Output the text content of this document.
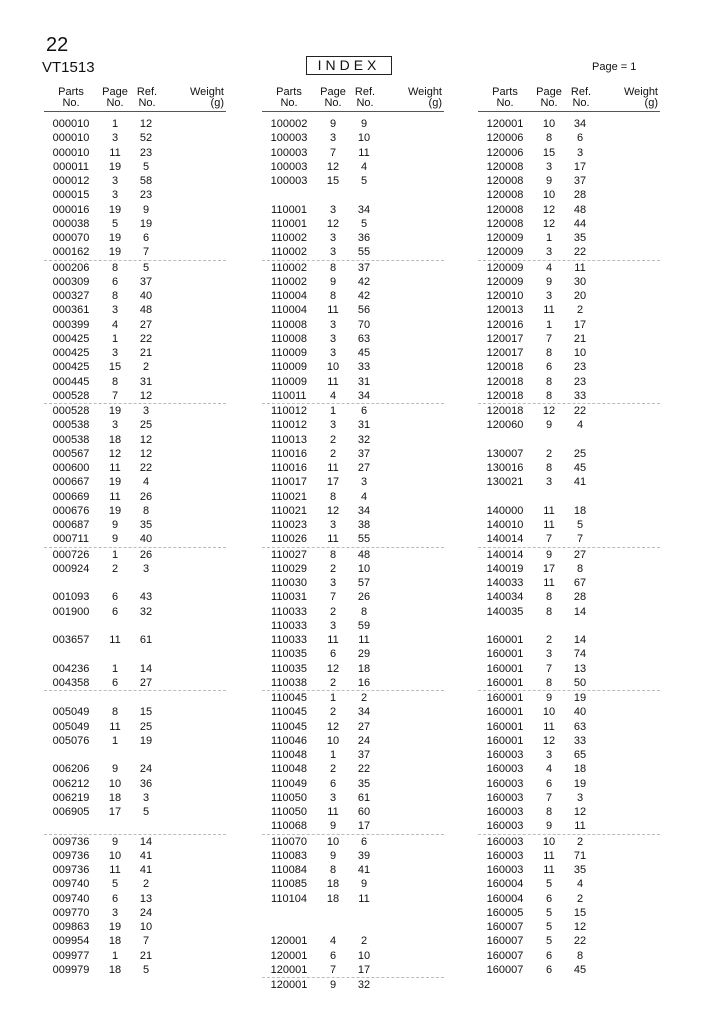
22
VT1513	INDEX	Page = 1
Parts
No.
Page
No.
Ref.
No.
Weight
(g)
000010	1	12
000010	3	52
000010	11	23
000011	19	5
000012	3	58
000015	3	23
000016	19	9
000038	5	19
000070	19	6
000162	19	7
000206	8	5
000309	6	37
000327	8	40
000361	3	48
000399	4	27
000425	1	22
000425	3	21
000425	15	2
000445	8	31
000528	7	12
000528	19	3
000538	3	25
000538	18	12
000567	12	12
000600	11	22
000667	19	4
000669	11	26
000676	19	8
000687	9	35
000711	9	40
000726	1	26
000924	2	3
001093	6	43
001900	6	32
003657	11	61
004236	1	14
004358	6	27
005049	8	15
005049	11	25
005076	1	19
006206	9	24
006212	10	36
006219	18	3
006905	17	5
009736	9	14
009736	10	41
009736	11	41
009740	5	2
009740	6	13
009770	3	24
009863	19	10
009954	18	7
009977	1	21
009979	18	5
Parts
No.
Page
No.
Ref.
No.
Weight
(g)
100002	9	9
100003	3	10
100003	7	11
100003	12	4
100003	15	5
110001	3	34
110001	12	5
110002	3	36
110002	3	55
110002	8	37
110002	9	42
110004	8	42
110004	11	56
110008	3	70
110008	3	63
110009	3	45
110009	10	33
110009	11	31
110011	4	34
110012	1	6
110012	3	31
110013	2	32
110016	2	37
110016	11	27
110017	17	3
110021	8	4
110021	12	34
110023	3	38
110026	11	55
110027	8	48
110029	2	10
110030	3	57
110031	7	26
110033	2	8
110033	3	59
110033	11	11
110035	6	29
110035	12	18
110038	2	16
110045	1	2
110045	2	34
110045	12	27
110046	10	24
110048	1	37
110048	2	22
110049	6	35
110050	3	61
110050	11	60
110068	9	17
110070	10	6
110083	9	39
110084	8	41
110085	18	9
110104	18	11
120001	4	2
120001	6	10
120001	7	17
120001	9	32
Parts
No.
Page
No.
Ref.
No.
Weight
(g)
120001	10	34
120006	8	6
120006	15	3
120008	3	17
120008	9	37
120008	10	28
120008	12	48
120008	12	44
120009	1	35
120009	3	22
120009	4	11
120009	9	30
120010	3	20
120013	11	2
120016	1	17
120017	7	21
120017	8	10
120018	6	23
120018	8	23
120018	8	33
120018	12	22
120060	9	4
130007	2	25
130016	8	45
130021	3	41
140000	11	18
140010	11	5
140014	7	7
140014	9	27
140019	17	8
140033	11	67
140034	8	28
140035	8	14
160001	2	14
160001	3	74
160001	7	13
160001	8	50
160001	9	19
160001	10	40
160001	11	63
160001	12	33
160003	3	65
160003	4	18
160003	6	19
160003	7	3
160003	8	12
160003	9	11
160003	10	2
160003	11	71
160003	11	35
160004	5	4
160004	6	2
160005	5	15
160007	5	12
160007	5	22
160007	6	8
160007	6	45
